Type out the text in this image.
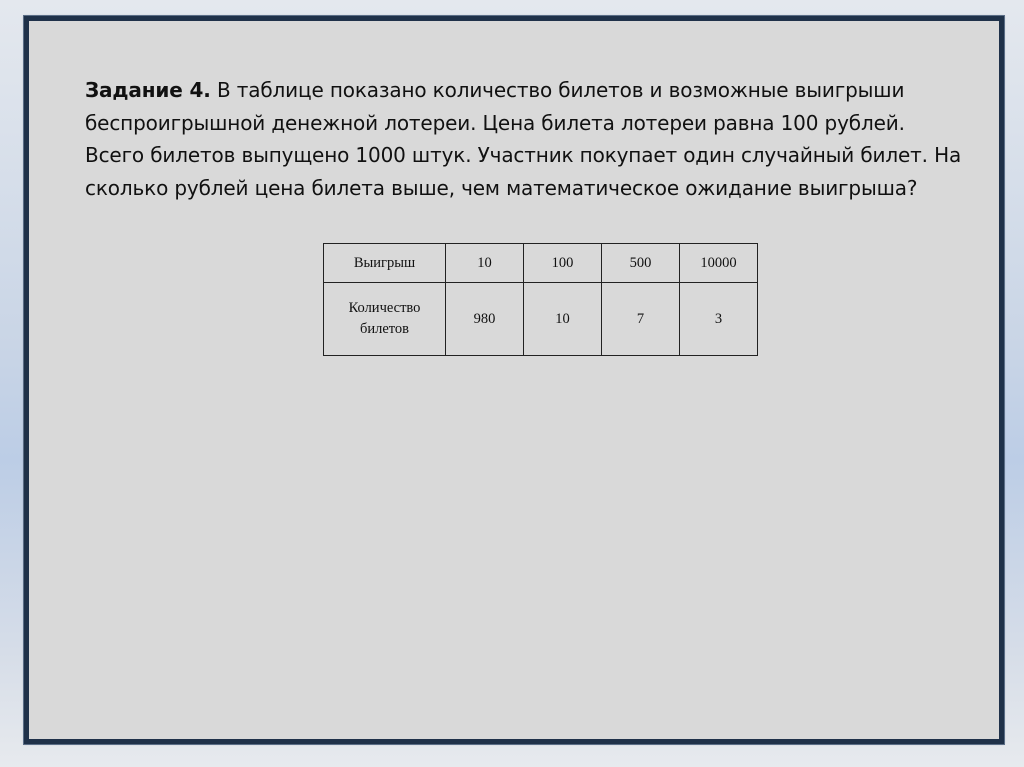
Задание 4. В таблице показано количество билетов и возможные выигрыши беспроигрышной денежной лотереи. Цена билета лотереи равна 100 рублей. Всего билетов выпущено 1000 штук. Участник покупает один случайный билет. На сколько рублей цена билета выше, чем математическое ожидание выигрыша?

Выигрыш	10	100	500	10000
Количество билетов	980	10	7	3
